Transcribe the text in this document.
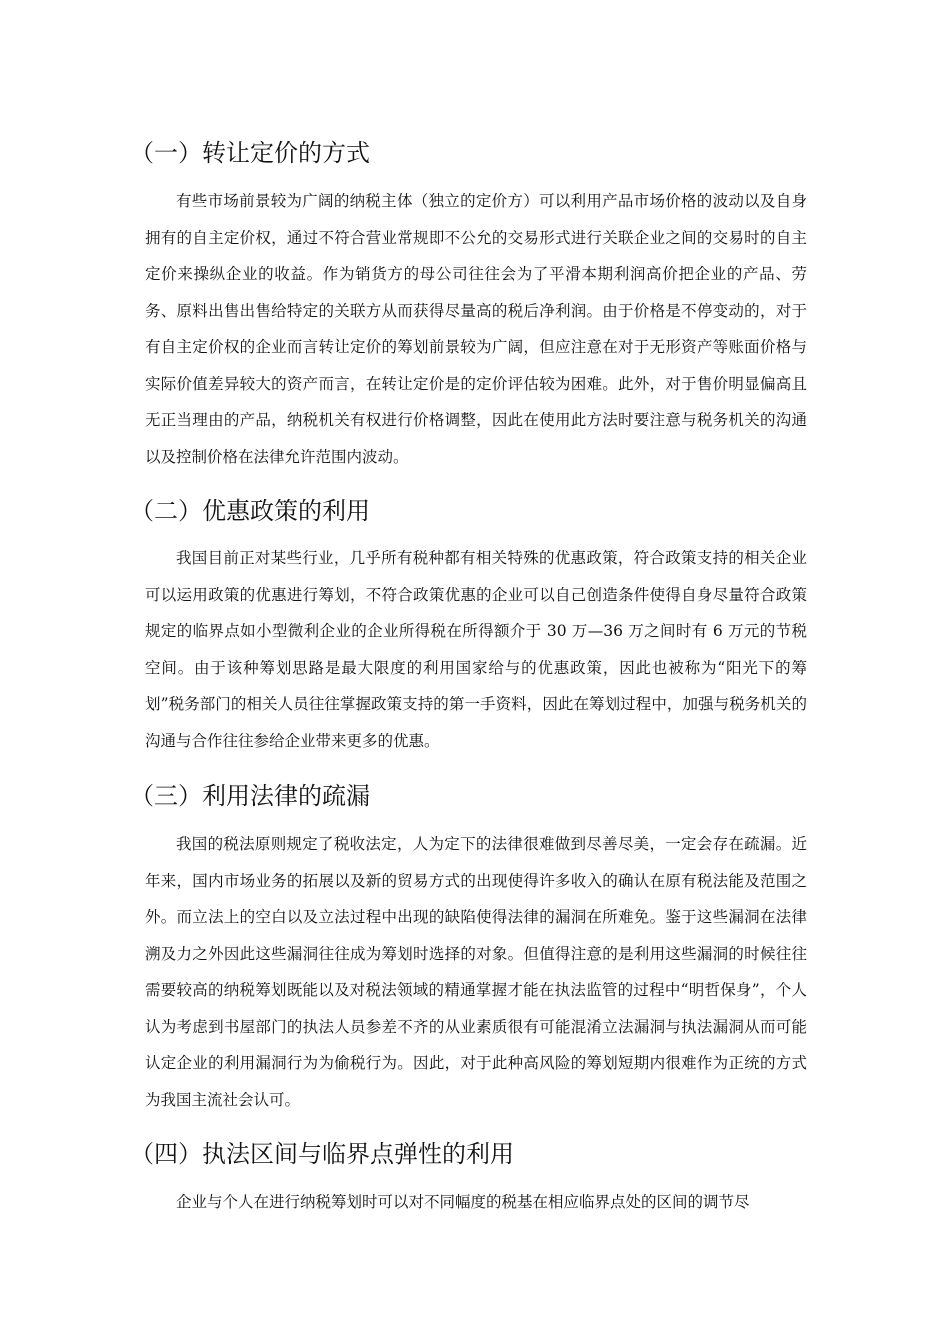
（一）转让定价的方式

有些市场前景较为广阔的纳税主体（独立的定价方）可以利用产品市场价格的波动以及自身拥有的自主定价权，通过不符合营业常规即不公允的交易形式进行关联企业之间的交易时的自主定价来操纵企业的收益。作为销货方的母公司往往会为了平滑本期利润高价把企业的产品、劳务、原料出售出售给特定的关联方从而获得尽量高的税后净利润。由于价格是不停变动的，对于有自主定价权的企业而言转让定价的筹划前景较为广阔，但应注意在对于无形资产等账面价格与实际价值差异较大的资产而言，在转让定价是的定价评估较为困难。此外，对于售价明显偏高且无正当理由的产品，纳税机关有权进行价格调整，因此在使用此方法时要注意与税务机关的沟通以及控制价格在法律允许范围内波动。

（二）优惠政策的利用

我国目前正对某些行业，几乎所有税种都有相关特殊的优惠政策，符合政策支持的相关企业可以运用政策的优惠进行筹划，不符合政策优惠的企业可以自己创造条件使得自身尽量符合政策规定的临界点如小型微利企业的企业所得税在所得额介于 30 万—36 万之间时有 6 万元的节税空间。由于该种筹划思路是最大限度的利用国家给与的优惠政策，因此也被称为“阳光下的筹划”税务部门的相关人员往往掌握政策支持的第一手资料，因此在筹划过程中，加强与税务机关的沟通与合作往往参给企业带来更多的优惠。

（三）利用法律的疏漏

我国的税法原则规定了税收法定，人为定下的法律很难做到尽善尽美，一定会存在疏漏。近年来，国内市场业务的拓展以及新的贸易方式的出现使得许多收入的确认在原有税法能及范围之外。而立法上的空白以及立法过程中出现的缺陷使得法律的漏洞在所难免。鉴于这些漏洞在法律溯及力之外因此这些漏洞往往成为筹划时选择的对象。但值得注意的是利用这些漏洞的时候往往需要较高的纳税筹划既能以及对税法领域的精通掌握才能在执法监管的过程中“明哲保身”，个人认为考虑到书屋部门的执法人员参差不齐的从业素质很有可能混淆立法漏洞与执法漏洞从而可能认定企业的利用漏洞行为为偷税行为。因此，对于此种高风险的筹划短期内很难作为正统的方式为我国主流社会认可。

（四）执法区间与临界点弹性的利用

企业与个人在进行纳税筹划时可以对不同幅度的税基在相应临界点处的区间的调节尽
